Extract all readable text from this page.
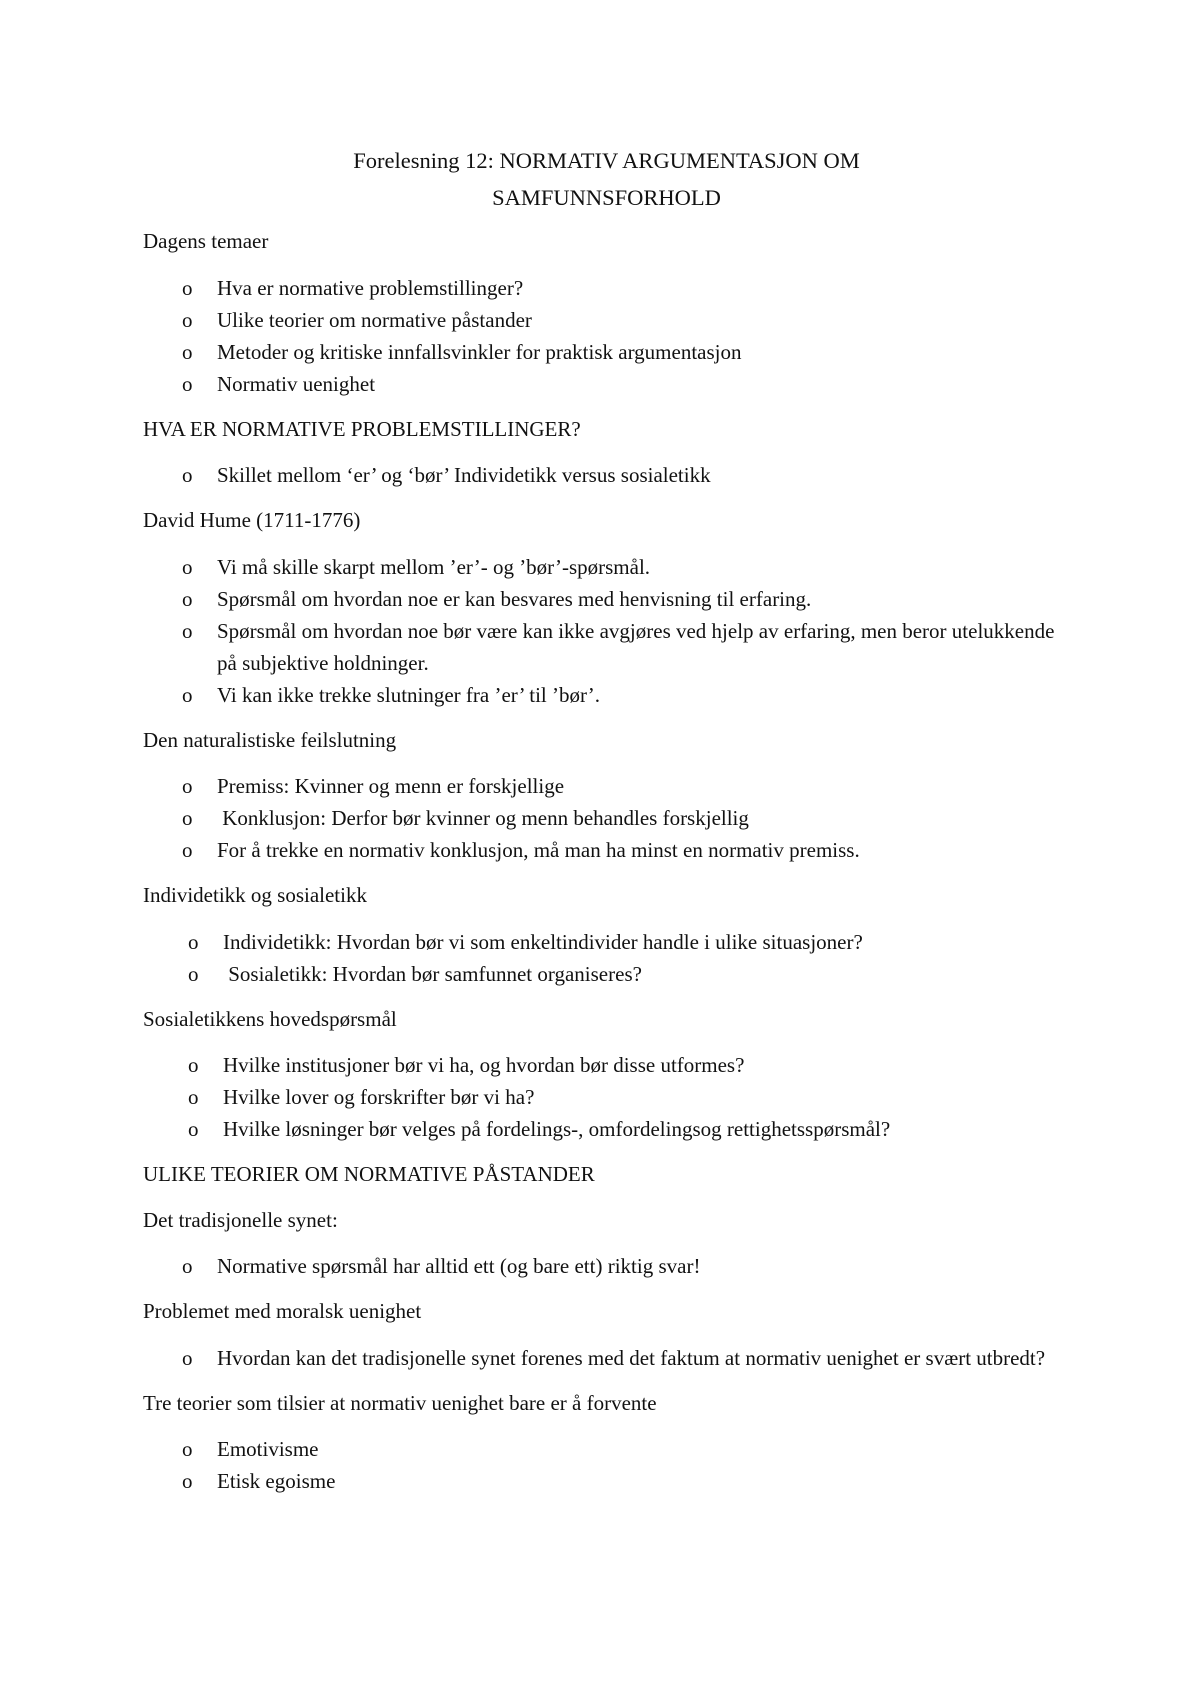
Forelesning 12: NORMATIV ARGUMENTASJON OM
SAMFUNNSFORHOLD
Dagens temaer
o Hva er normative problemstillinger?
o Ulike teorier om normative påstander
o Metoder og kritiske innfallsvinkler for praktisk argumentasjon
o Normativ uenighet
HVA ER NORMATIVE PROBLEMSTILLINGER?
o Skillet mellom ‘er’ og ‘bør’ Individetikk versus sosialetikk
David Hume (1711-1776)
o Vi må skille skarpt mellom ’er’- og ’bør’-spørsmål.
o Spørsmål om hvordan noe er kan besvares med henvisning til erfaring.
o Spørsmål om hvordan noe bør være kan ikke avgjøres ved hjelp av erfaring, men beror utelukkende på subjektive holdninger.
o Vi kan ikke trekke slutninger fra ’er’ til ’bør’.
Den naturalistiske feilslutning
o Premiss: Kvinner og menn er forskjellige
o Konklusjon: Derfor bør kvinner og menn behandles forskjellig
o For å trekke en normativ konklusjon, må man ha minst en normativ premiss.
Individetikk og sosialetikk
o Individetikk: Hvordan bør vi som enkeltindivider handle i ulike situasjoner?
o Sosialetikk: Hvordan bør samfunnet organiseres?
Sosialetikkens hovedspørsmål
o Hvilke institusjoner bør vi ha, og hvordan bør disse utformes?
o Hvilke lover og forskrifter bør vi ha?
o Hvilke løsninger bør velges på fordelings-, omfordelingsog rettighetsspørsmål?
ULIKE TEORIER OM NORMATIVE PÅSTANDER
Det tradisjonelle synet:
o Normative spørsmål har alltid ett (og bare ett) riktig svar!
Problemet med moralsk uenighet
o Hvordan kan det tradisjonelle synet forenes med det faktum at normativ uenighet er svært utbredt?
Tre teorier som tilsier at normativ uenighet bare er å forvente
o Emotivisme
o Etisk egoisme
